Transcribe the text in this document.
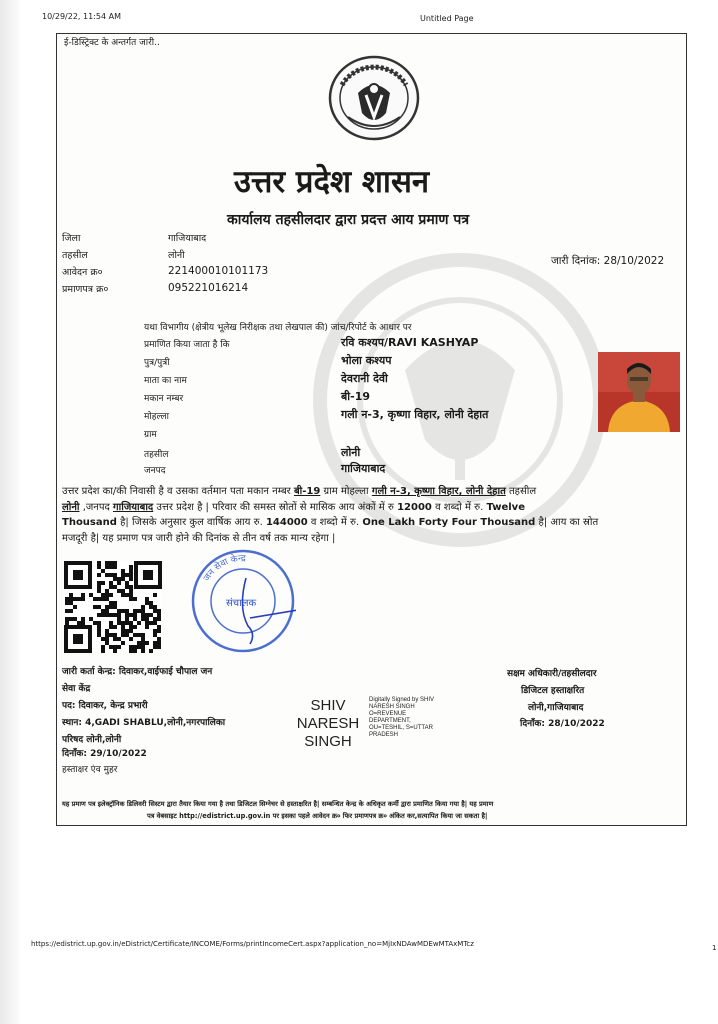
10/29/22, 11:54 AM	Untitled Page
ई-डिस्ट्रिक्ट के अन्तर्गत जारी..
उत्तर प्रदेश शासन
कार्यालय तहसीलदार द्वारा प्रदत्त आय प्रमाण पत्र
जिला	गाजियाबाद
तहसील	लोनी
आवेदन क्र०	221400010101173
प्रमाणपत्र क्र०	095221016214
जारी दिनांक: 28/10/2022
यथा विभागीय (क्षेत्रीय भूलेख निरीक्षक तथा लेखपाल की) जांच/रिपोर्ट के आधार पर
प्रमाणित किया जाता है कि	रवि कश्यप/RAVI KASHYAP
पुत्र/पुत्री	भोला कश्यप
माता का नाम	देवरानी देवी
मकान नम्बर	बी-19
मोहल्ला	गली न-3, कृष्णा विहार, लोनी देहात
ग्राम
तहसील	लोनी
जनपद	गाजियाबाद
उत्तर प्रदेश का/की निवासी है व उसका वर्तमान पता मकान नम्बर बी-19 ग्राम मोहल्ला गली न-3, कृष्णा विहार, लोनी देहात तहसील
लोनी ,जनपद गाजियाबाद उत्तर प्रदेश है | परिवार की समस्त स्रोतों से मासिक आय अंकों में रु 12000 व शब्दो में रु. Twelve
Thousand है| जिसके अनुसार कुल वार्षिक आय रु. 144000 व शब्दो में रु. One Lakh Forty Four Thousand है| आय का स्रोत
मजदूरी है| यह प्रमाण पत्र जारी होने की दिनांक से तीन वर्ष तक मान्य रहेगा |
जन सेवा केन्द्र
संचालक
जारी कर्ता केन्द्र: दिवाकर,वाईफाई चौपाल जन
सेवा केंद्र
पद: दिवाकर, केन्द्र प्रभारी
स्थान: 4,GADI SHABLU,लोनी,नगरपालिका
परिषद लोनी,लोनी
दिनाँक: 29/10/2022
हस्ताक्षर एंव मुहर
SHIV
NARESH
SINGH
Digitally Signed by SHIV
NARESH SINGH
O=REVENUE
DEPARTMENT,
OU=TESHIL, S=UTTAR
PRADESH
सक्षम अधिकारी/तहसीलदार
डिजिटल हस्ताक्षरित
लोनी,गाजियाबाद
दिनाँक: 28/10/2022
यह प्रमाण पत्र इलेक्ट्रॉनिक डिलिवरी सिस्टम द्वारा तैयार किया गया है तथा डिजिटल सिग्नेचर से हस्ताक्षरित है| सम्बन्धित केन्द्र के अधिकृत कर्मी द्वारा प्रमाणित किया गया है| यह प्रमाण
पत्र वेबसाइट http://edistrict.up.gov.in पर इसका पहले आवेदन क्र० फिर प्रमाणपत्र क्र० अंकित कर,सत्यापित किया जा सकता है|
https://edistrict.up.gov.in/eDistrict/Certificate/INCOME/Forms/printIncomeCert.aspx?application_no=MjIxNDAwMDEwMTAxMTcz	1
